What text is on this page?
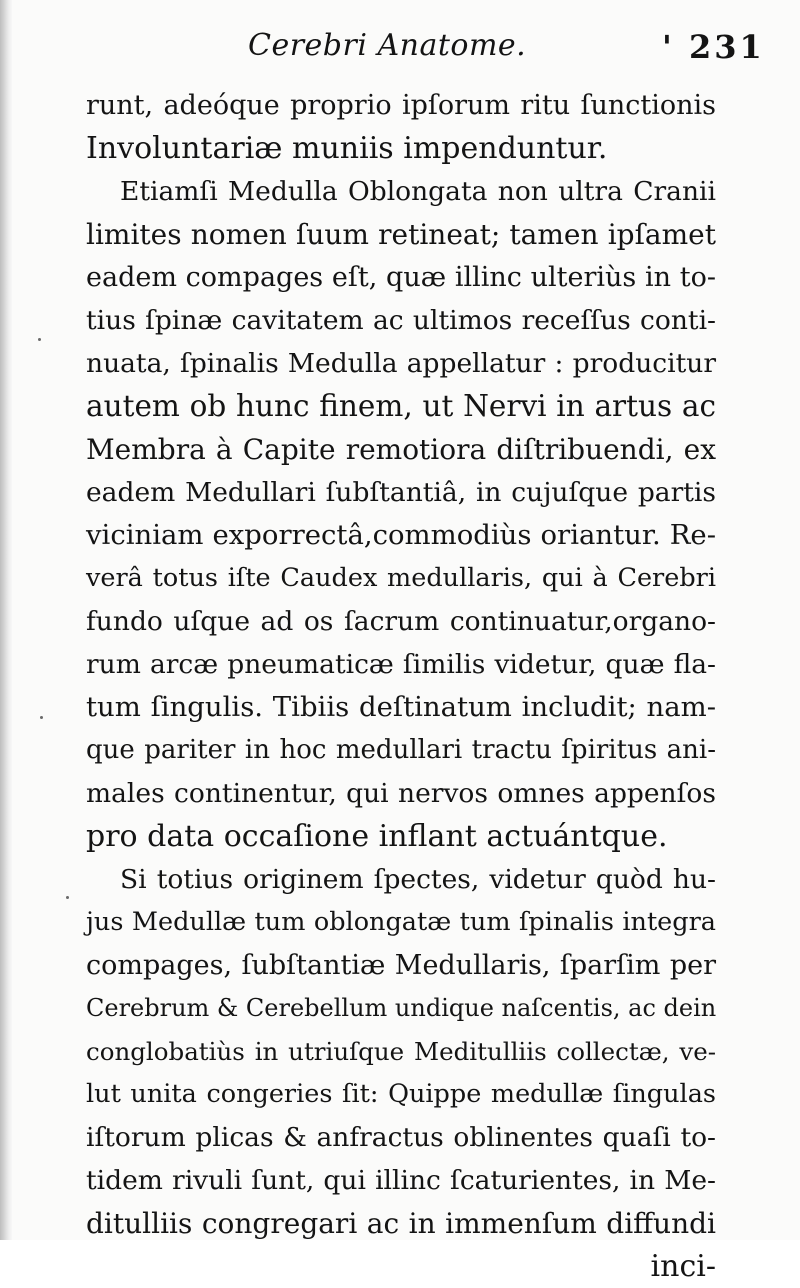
Cerebri Anatome.	' 231
runt, adeóque proprio ipſorum ritu ſunctionis
Involuntariæ muniis impenduntur.
Etiamſi Medulla Oblongata non ultra Cranii
limites nomen ſuum retineat; tamen ipſamet
eadem compages eſt, quæ illinc ulteriùs in to-
tius ſpinæ cavitatem ac ultimos receſſus conti-
nuata, ſpinalis Medulla appellatur : producitur
autem ob hunc finem, ut Nervi in artus ac
Membra à Capite remotiora diſtribuendi, ex
eadem Medullari ſubſtantiâ, in cujuſque partis
viciniam exporrectâ,commodiùs oriantur. Re-
verâ totus iſte Caudex medullaris, qui à Cerebri
fundo uſque ad os ſacrum continuatur,organo-
rum arcæ pneumaticæ ſimilis videtur, quæ fla-
tum ſingulis. Tibiis deſtinatum includit; nam-
que pariter in hoc medullari tractu ſpiritus ani-
males continentur, qui nervos omnes appenſos
pro data occaſione inflant actuántque.
Si totius originem ſpectes, videtur quòd hu-
jus Medullæ tum oblongatæ tum ſpinalis integra
compages, ſubſtantiæ Medullaris, ſparſim per
Cerebrum & Cerebellum undique naſcentis, ac dein
conglobatiùs in utriuſque Meditulliis collectæ, ve-
lut unita congeries ſit: Quippe medullæ ſingulas
iſtorum plicas & anfractus oblinentes quaſi to-
tidem rivuli ſunt, qui illinc ſcaturientes, in Me-
ditulliis congregari ac in immenſum diffundi
inci-
